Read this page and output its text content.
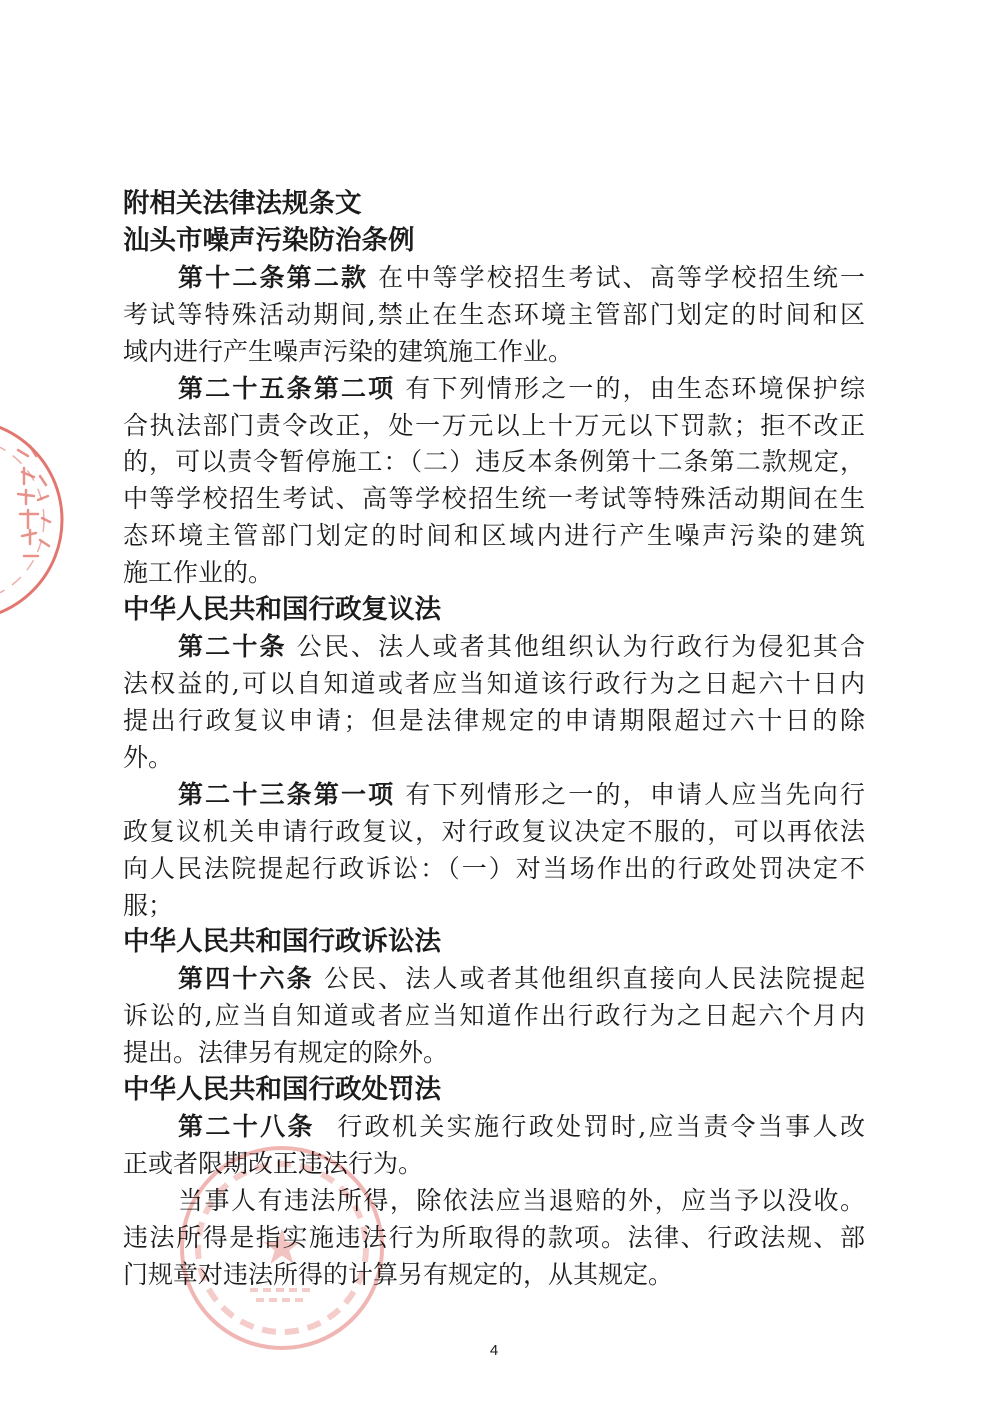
附相关法律法规条文
汕头市噪声污染防治条例
第十二条第二款 在中等学校招生考试、高等学校招生统一
考试等特殊活动期间,禁止在生态环境主管部门划定的时间和区
域内进行产生噪声污染的建筑施工作业。
第二十五条第二项 有下列情形之一的，由生态环境保护综
合执法部门责令改正，处一万元以上十万元以下罚款；拒不改正
的，可以责令暂停施工：（二）违反本条例第十二条第二款规定，
中等学校招生考试、高等学校招生统一考试等特殊活动期间在生
态环境主管部门划定的时间和区域内进行产生噪声污染的建筑
施工作业的。
中华人民共和国行政复议法
第二十条 公民、法人或者其他组织认为行政行为侵犯其合
法权益的,可以自知道或者应当知道该行政行为之日起六十日内
提出行政复议申请；但是法律规定的申请期限超过六十日的除
外。
第二十三条第一项 有下列情形之一的，申请人应当先向行
政复议机关申请行政复议，对行政复议决定不服的，可以再依法
向人民法院提起行政诉讼：（一）对当场作出的行政处罚决定不
服；
中华人民共和国行政诉讼法
第四十六条 公民、法人或者其他组织直接向人民法院提起
诉讼的,应当自知道或者应当知道作出行政行为之日起六个月内
提出。法律另有规定的除外。
中华人民共和国行政处罚法
第二十八条 行政机关实施行政处罚时,应当责令当事人改
正或者限期改正违法行为。
当事人有违法所得，除依法应当退赔的外，应当予以没收。
违法所得是指实施违法行为所取得的款项。法律、行政法规、部
门规章对违法所得的计算另有规定的，从其规定。
4
